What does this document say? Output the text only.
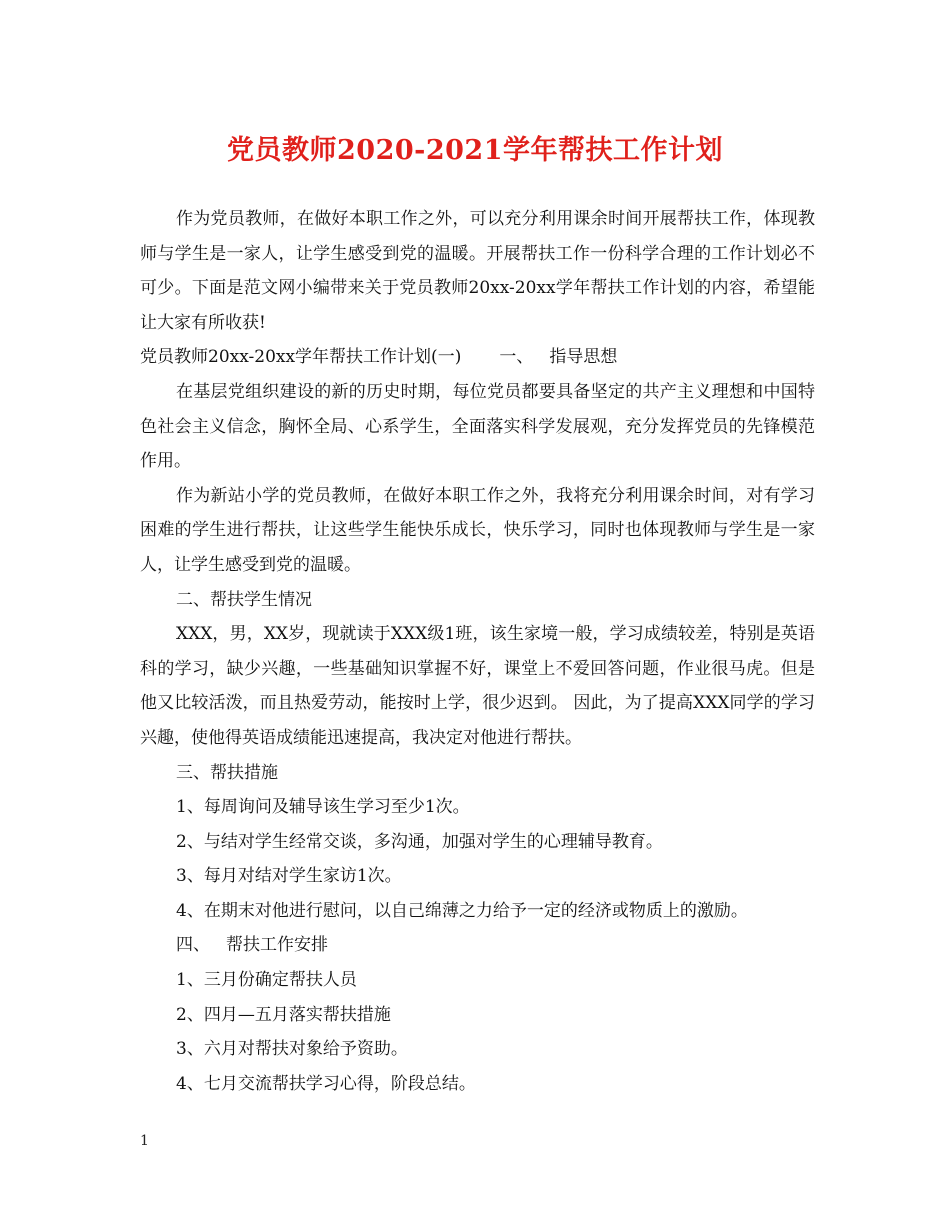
党员教师2020-2021学年帮扶工作计划

作为党员教师，在做好本职工作之外，可以充分利用课余时间开展帮扶工作，体现教师与学生是一家人，让学生感受到党的温暖。开展帮扶工作一份科学合理的工作计划必不可少。下面是范文网小编带来关于党员教师20xx-20xx学年帮扶工作计划的内容，希望能让大家有所收获!

党员教师20xx-20xx学年帮扶工作计划(一) 一、 指导思想

在基层党组织建设的新的历史时期，每位党员都要具备坚定的共产主义理想和中国特色社会主义信念，胸怀全局、心系学生，全面落实科学发展观，充分发挥党员的先锋模范作用。

作为新站小学的党员教师，在做好本职工作之外，我将充分利用课余时间，对有学习困难的学生进行帮扶，让这些学生能快乐成长，快乐学习，同时也体现教师与学生是一家人，让学生感受到党的温暖。

二、帮扶学生情况

XXX，男，XX岁，现就读于XXX级1班，该生家境一般，学习成绩较差，特别是英语科的学习，缺少兴趣，一些基础知识掌握不好，课堂上不爱回答问题，作业很马虎。但是他又比较活泼，而且热爱劳动，能按时上学，很少迟到。 因此，为了提高XXX同学的学习兴趣，使他得英语成绩能迅速提高，我决定对他进行帮扶。

三、帮扶措施

1、每周询问及辅导该生学习至少1次。

2、与结对学生经常交谈，多沟通，加强对学生的心理辅导教育。

3、每月对结对学生家访1次。

4、在期末对他进行慰问，以自己绵薄之力给予一定的经济或物质上的激励。

四、 帮扶工作安排

1、三月份确定帮扶人员

2、四月—五月落实帮扶措施

3、六月对帮扶对象给予资助。

4、七月交流帮扶学习心得，阶段总结。

1
